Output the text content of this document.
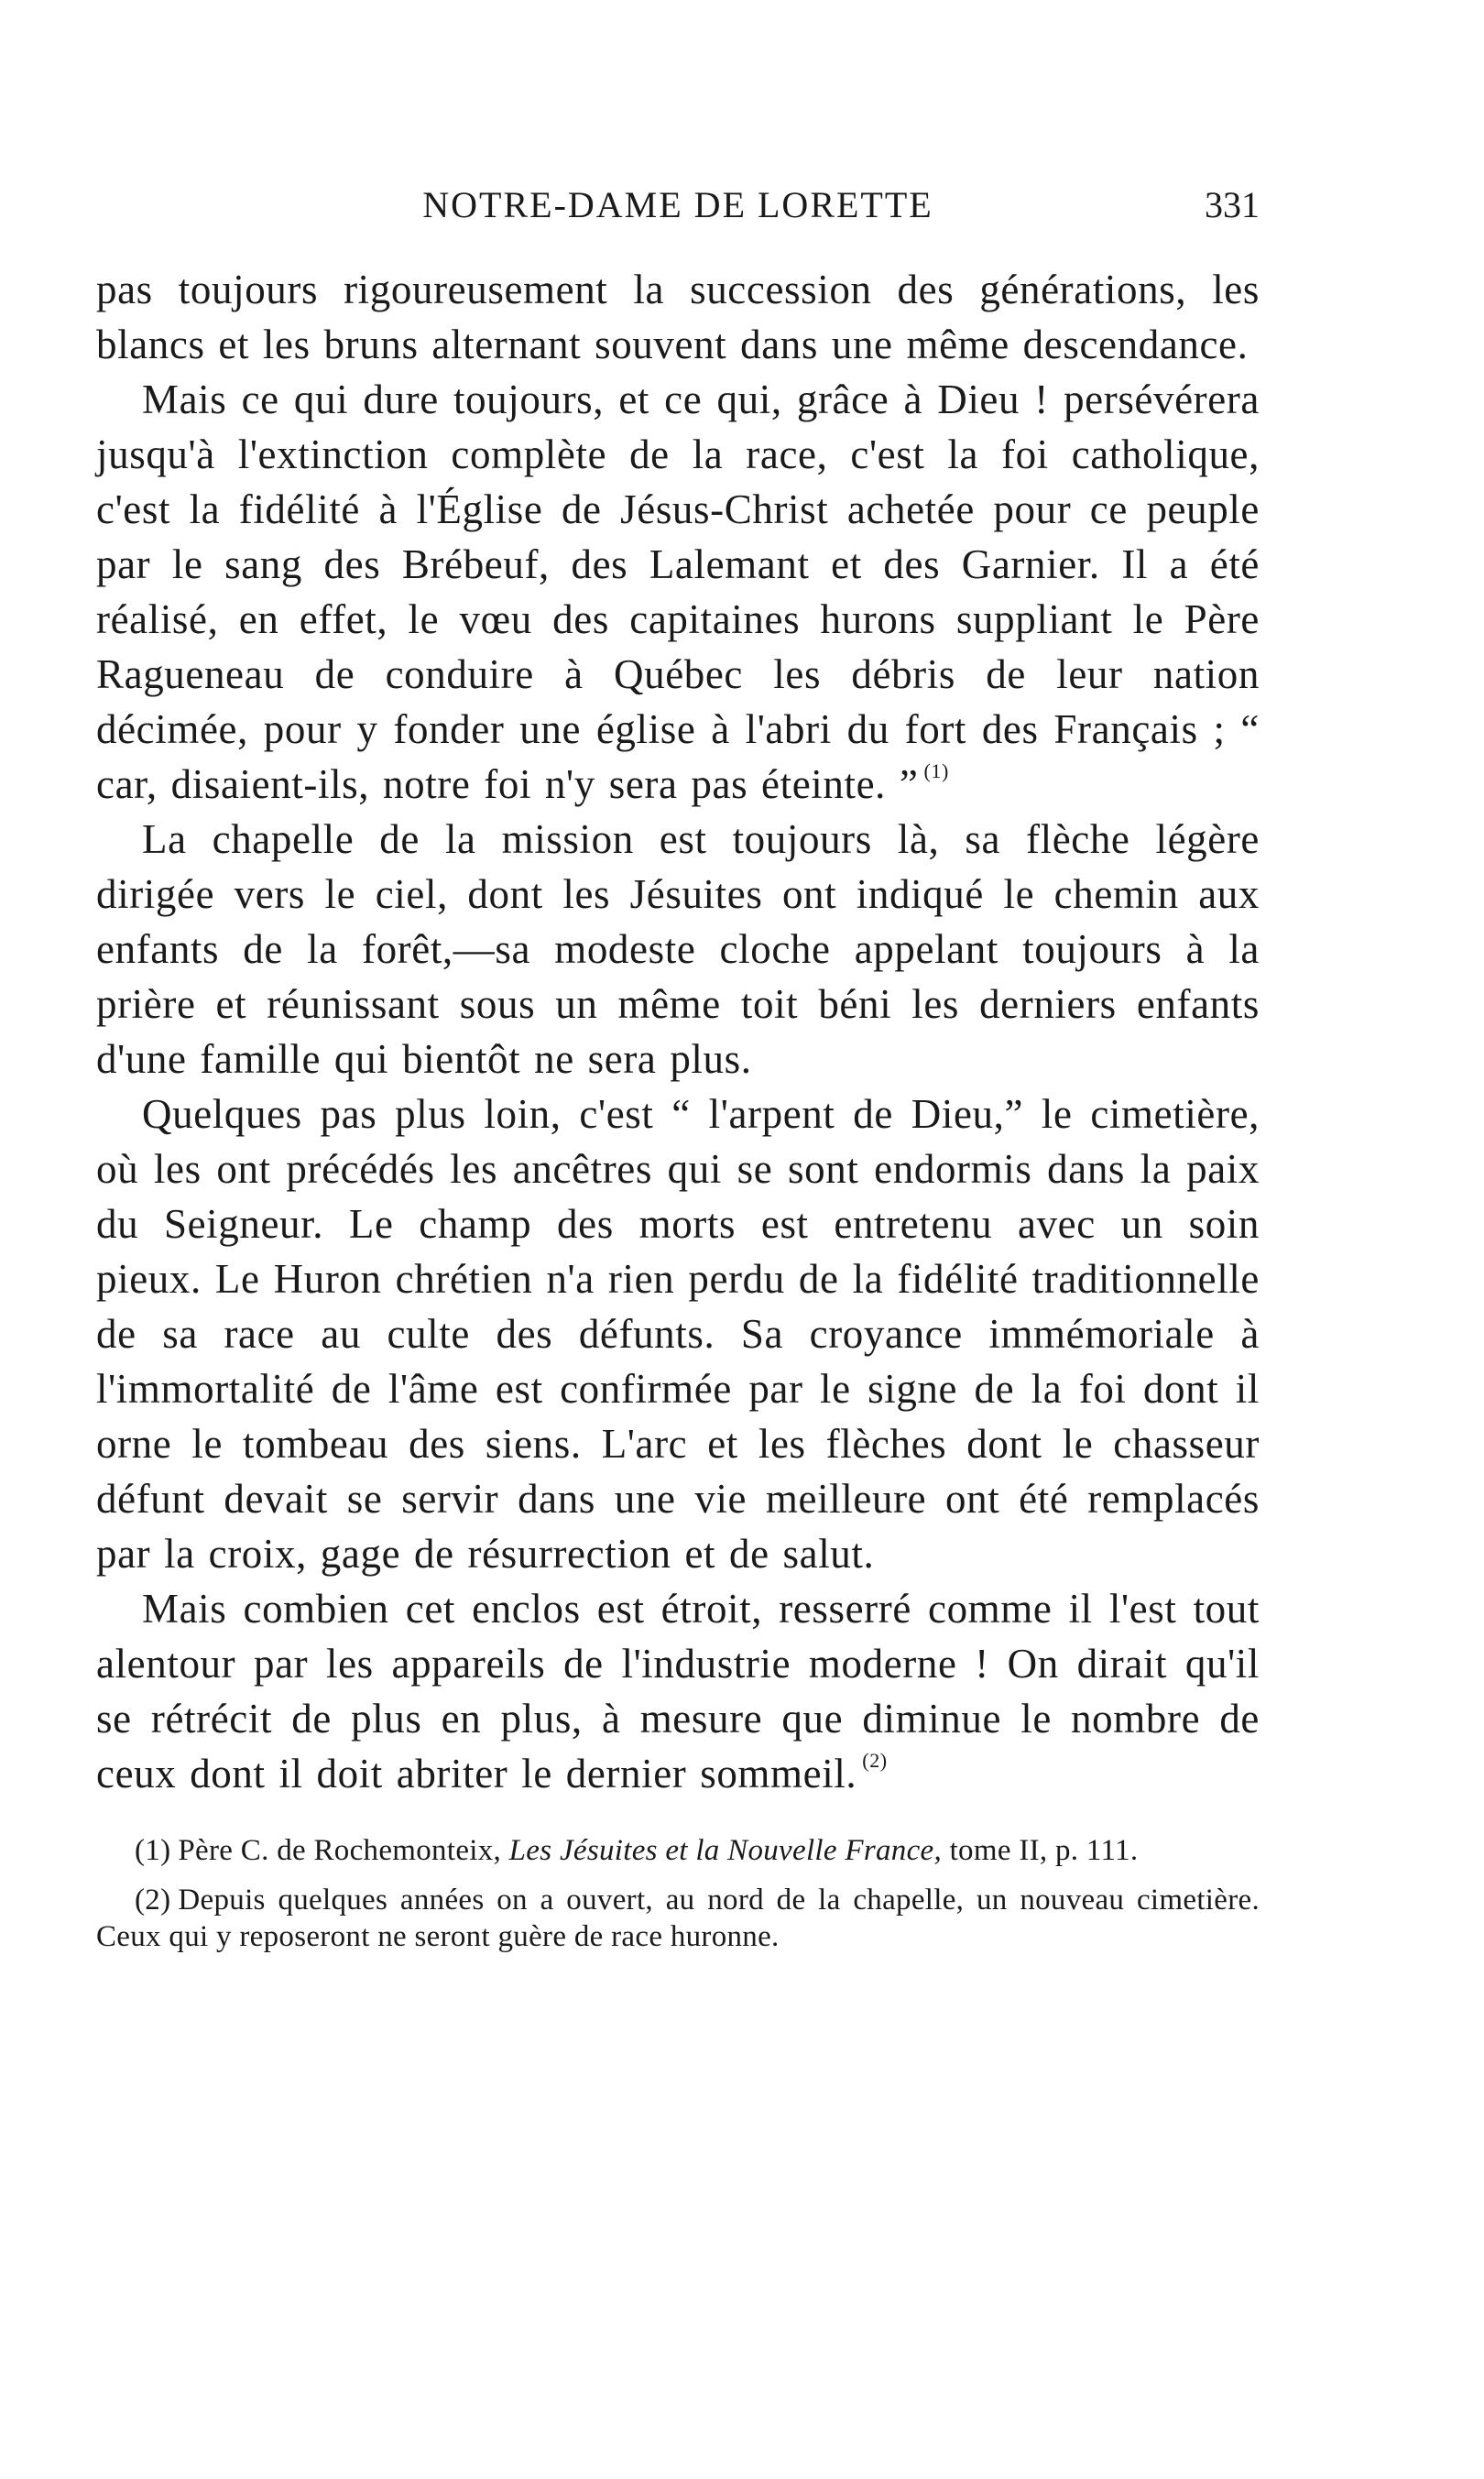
NOTRE-DAME DE LORETTE	331

pas toujours rigoureusement la succession des générations, les blancs et les bruns alternant souvent dans une même descendance.

Mais ce qui dure toujours, et ce qui, grâce à Dieu ! persévérera jusqu'à l'extinction complète de la race, c'est la foi catholique, c'est la fidélité à l'Église de Jésus-Christ achetée pour ce peuple par le sang des Brébeuf, des Lalemant et des Garnier. Il a été réalisé, en effet, le vœu des capitaines hurons suppliant le Père Ragueneau de conduire à Québec les débris de leur nation décimée, pour y fonder une église à l'abri du fort des Français ; “ car, disaient-ils, notre foi n'y sera pas éteinte. ” $^{(1)}$

La chapelle de la mission est toujours là, sa flèche légère dirigée vers le ciel, dont les Jésuites ont indiqué le chemin aux enfants de la forêt,—sa modeste cloche appelant toujours à la prière et réunissant sous un même toit béni les derniers enfants d'une famille qui bientôt ne sera plus.

Quelques pas plus loin, c'est “ l'arpent de Dieu,” le cimetière, où les ont précédés les ancêtres qui se sont endormis dans la paix du Seigneur. Le champ des morts est entretenu avec un soin pieux. Le Huron chrétien n'a rien perdu de la fidélité traditionnelle de sa race au culte des défunts. Sa croyance immémoriale à l'immortalité de l'âme est confirmée par le signe de la foi dont il orne le tombeau des siens. L'arc et les flèches dont le chasseur défunt devait se servir dans une vie meilleure ont été remplacés par la croix, gage de résurrection et de salut.

Mais combien cet enclos est étroit, resserré comme il l'est tout alentour par les appareils de l'industrie moderne ! On dirait qu'il se rétrécit de plus en plus, à mesure que diminue le nombre de ceux dont il doit abriter le dernier sommeil. $^{(2)}$

(1) Père C. de Rochemonteix, Les Jésuites et la Nouvelle France, tome II, p. 111.

(2) Depuis quelques années on a ouvert, au nord de la chapelle, un nouveau cimetière. Ceux qui y reposeront ne seront guère de race huronne.
